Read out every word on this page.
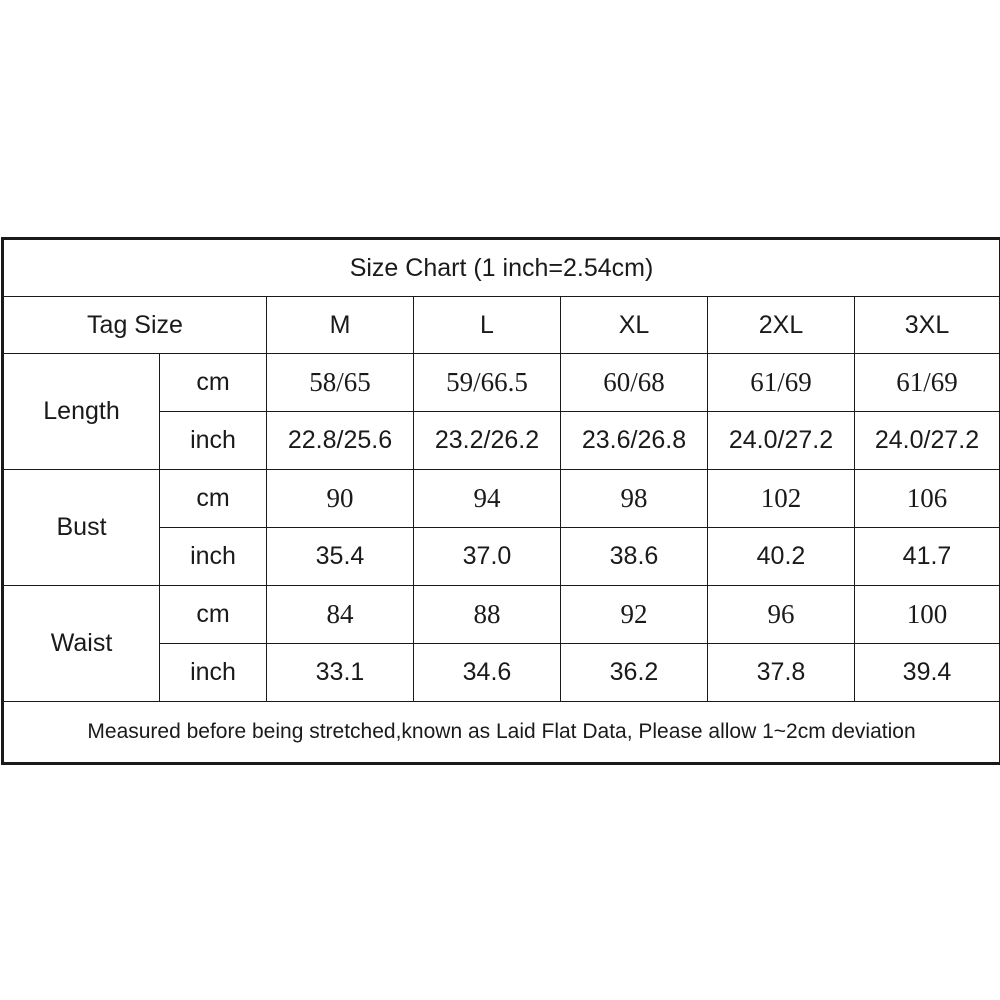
Size Chart (1 inch=2.54cm)						
Tag Size		M	L	XL	2XL	3XL
Length	cm	58/65	59/66.5	60/68	61/69	61/69
	inch	22.8/25.6	23.2/26.2	23.6/26.8	24.0/27.2	24.0/27.2
Bust	cm	90	94	98	102	106
	inch	35.4	37.0	38.6	40.2	41.7
Waist	cm	84	88	92	96	100
	inch	33.1	34.6	36.2	37.8	39.4
Measured before being stretched,known as Laid Flat Data, Please allow 1~2cm deviation						
